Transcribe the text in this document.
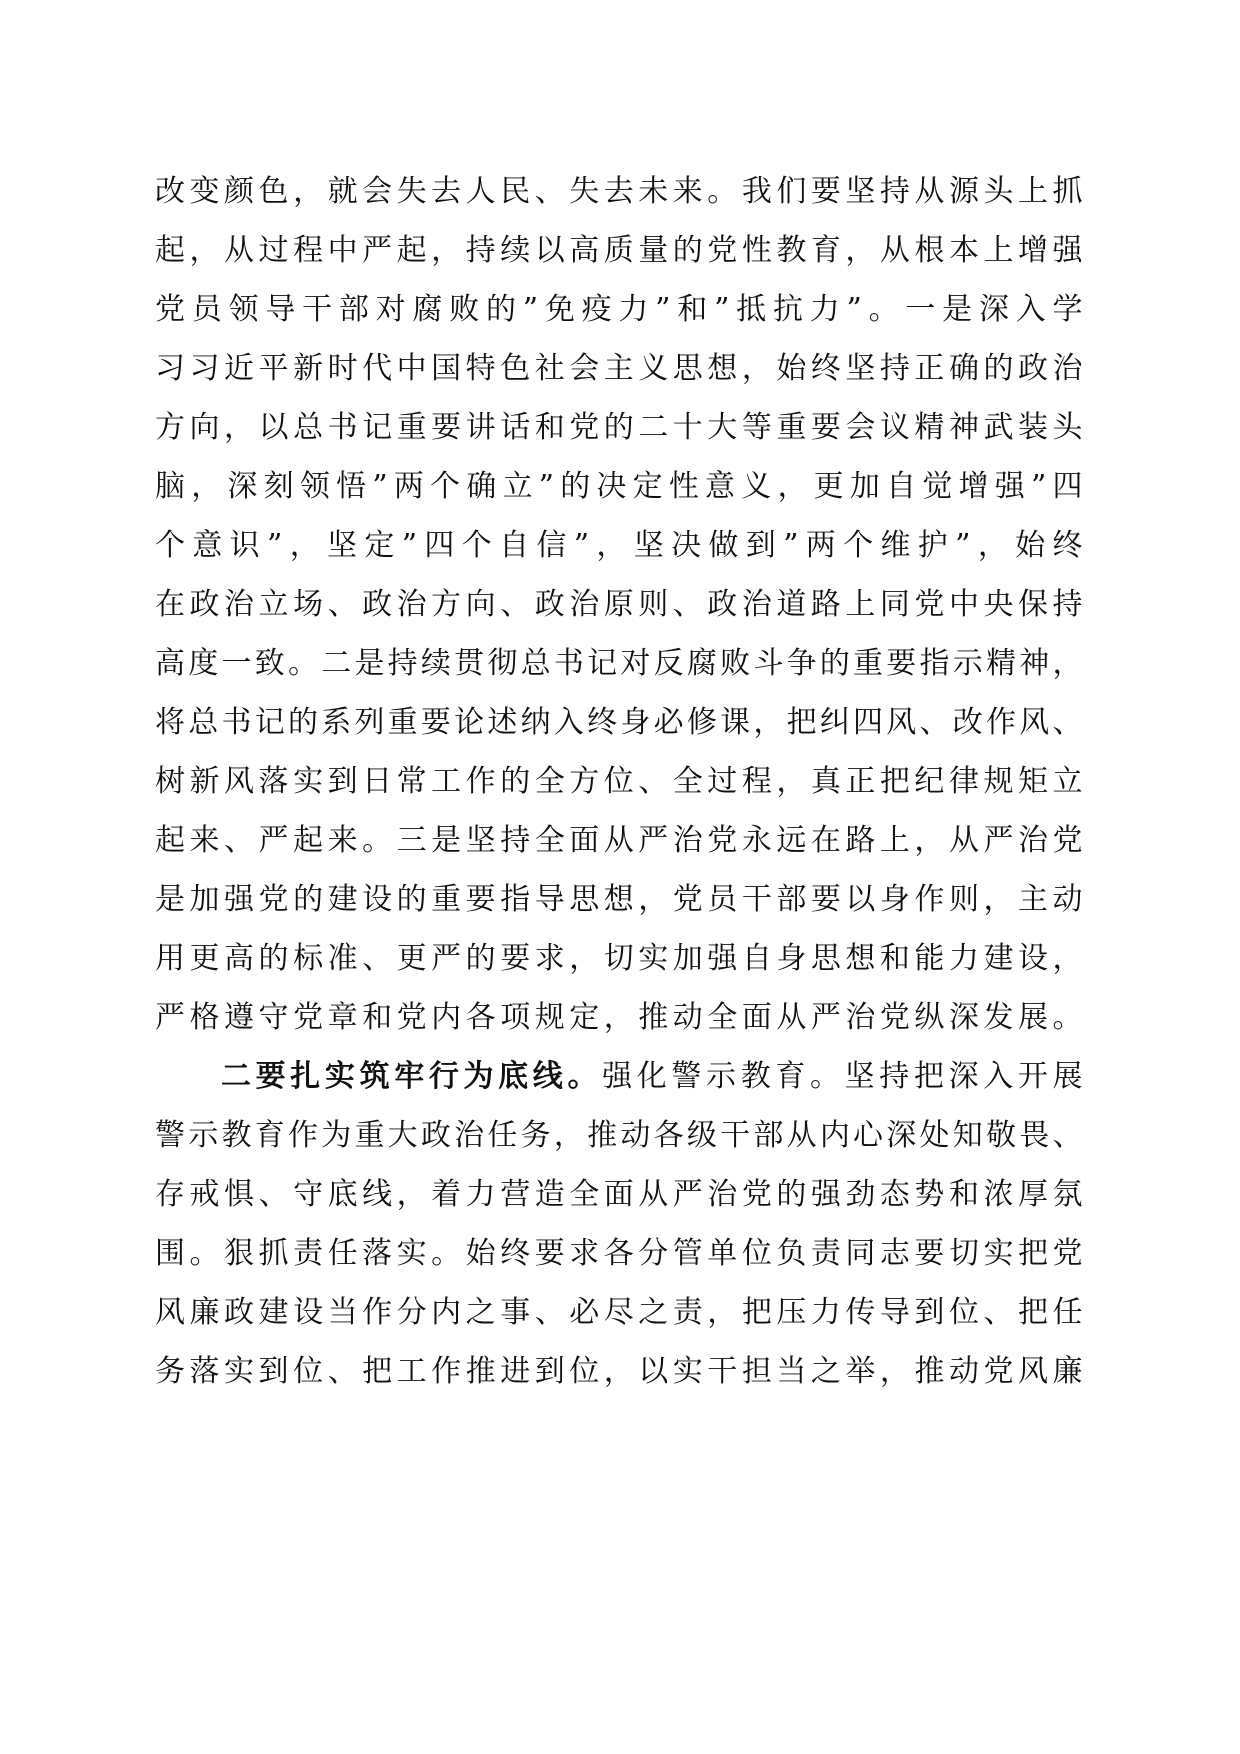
改变颜色，就会失去人民、失去未来。我们要坚持从源头上抓
起，从过程中严起，持续以高质量的党性教育，从根本上增强
党员领导干部对腐败的”免疫力”和”抵抗力”。一是深入学
习习近平新时代中国特色社会主义思想，始终坚持正确的政治
方向，以总书记重要讲话和党的二十大等重要会议精神武装头
脑，深刻领悟”两个确立”的决定性意义，更加自觉增强”四
个意识”，坚定”四个自信”，坚决做到”两个维护”，始终
在政治立场、政治方向、政治原则、政治道路上同党中央保持
高度一致。二是持续贯彻总书记对反腐败斗争的重要指示精神，
将总书记的系列重要论述纳入终身必修课，把纠四风、改作风、
树新风落实到日常工作的全方位、全过程，真正把纪律规矩立
起来、严起来。三是坚持全面从严治党永远在路上，从严治党
是加强党的建设的重要指导思想，党员干部要以身作则，主动
用更高的标准、更严的要求，切实加强自身思想和能力建设，
严格遵守党章和党内各项规定，推动全面从严治党纵深发展。
二要扎实筑牢行为底线。强化警示教育。坚持把深入开展
警示教育作为重大政治任务，推动各级干部从内心深处知敬畏、
存戒惧、守底线，着力营造全面从严治党的强劲态势和浓厚氛
围。狠抓责任落实。始终要求各分管单位负责同志要切实把党
风廉政建设当作分内之事、必尽之责，把压力传导到位、把任
务落实到位、把工作推进到位，以实干担当之举，推动党风廉
